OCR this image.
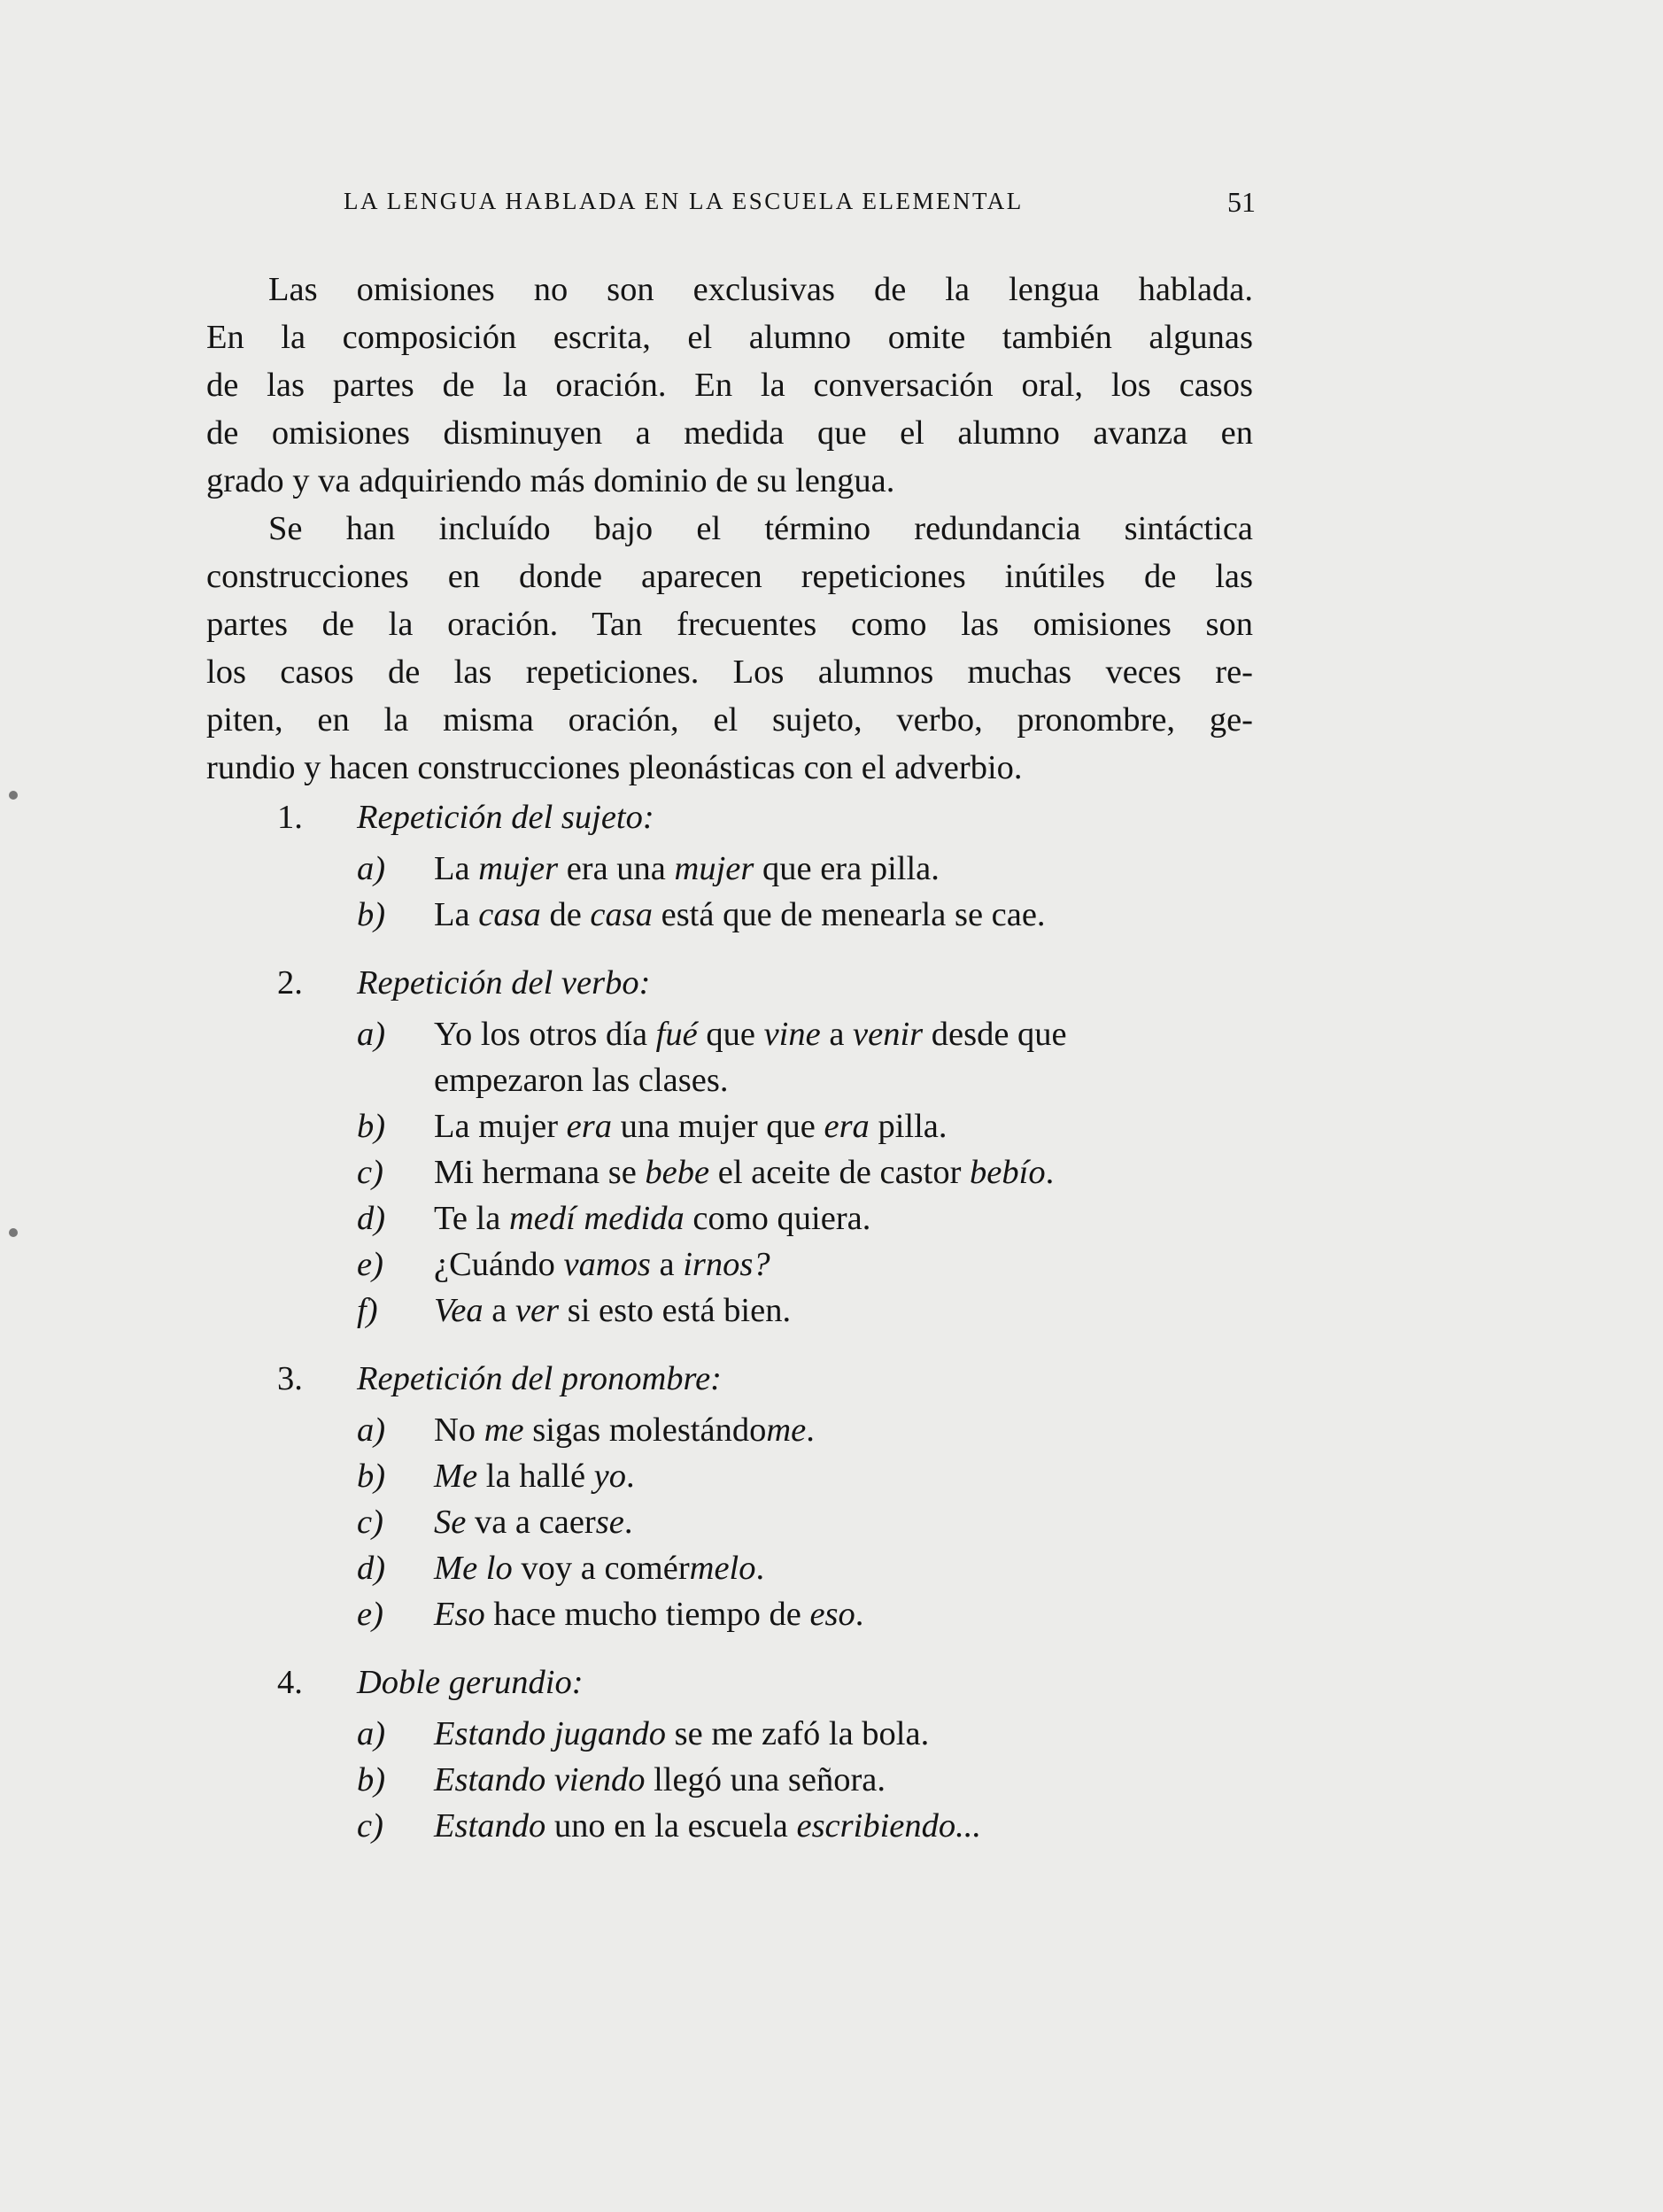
LA LENGUA HABLADA EN LA ESCUELA ELEMENTAL	51
Las omisiones no son exclusivas de la lengua hablada.
En la composición escrita, el alumno omite también algunas
de las partes de la oración. En la conversación oral, los casos
de omisiones disminuyen a medida que el alumno avanza en
grado y va adquiriendo más dominio de su lengua.
Se han incluído bajo el término redundancia sintáctica
construcciones en donde aparecen repeticiones inútiles de las
partes de la oración. Tan frecuentes como las omisiones son
los casos de las repeticiones. Los alumnos muchas veces re-
piten, en la misma oración, el sujeto, verbo, pronombre, ge-
rundio y hacen construcciones pleonásticas con el adverbio.
1. Repetición del sujeto:
a) La mujer era una mujer que era pilla.
b) La casa de casa está que de menearla se cae.
2. Repetición del verbo:
a) Yo los otros día fué que vine a venir desde que
empezaron las clases.
b) La mujer era una mujer que era pilla.
c) Mi hermana se bebe el aceite de castor bebío.
d) Te la medí medida como quiera.
e) ¿Cuándo vamos a irnos?
f) Vea a ver si esto está bien.
3. Repetición del pronombre:
a) No me sigas molestándome.
b) Me la hallé yo.
c) Se va a caerse.
d) Me lo voy a comérmelo.
e) Eso hace mucho tiempo de eso.
4. Doble gerundio:
a) Estando jugando se me zafó la bola.
b) Estando viendo llegó una señora.
c) Estando uno en la escuela escribiendo...
